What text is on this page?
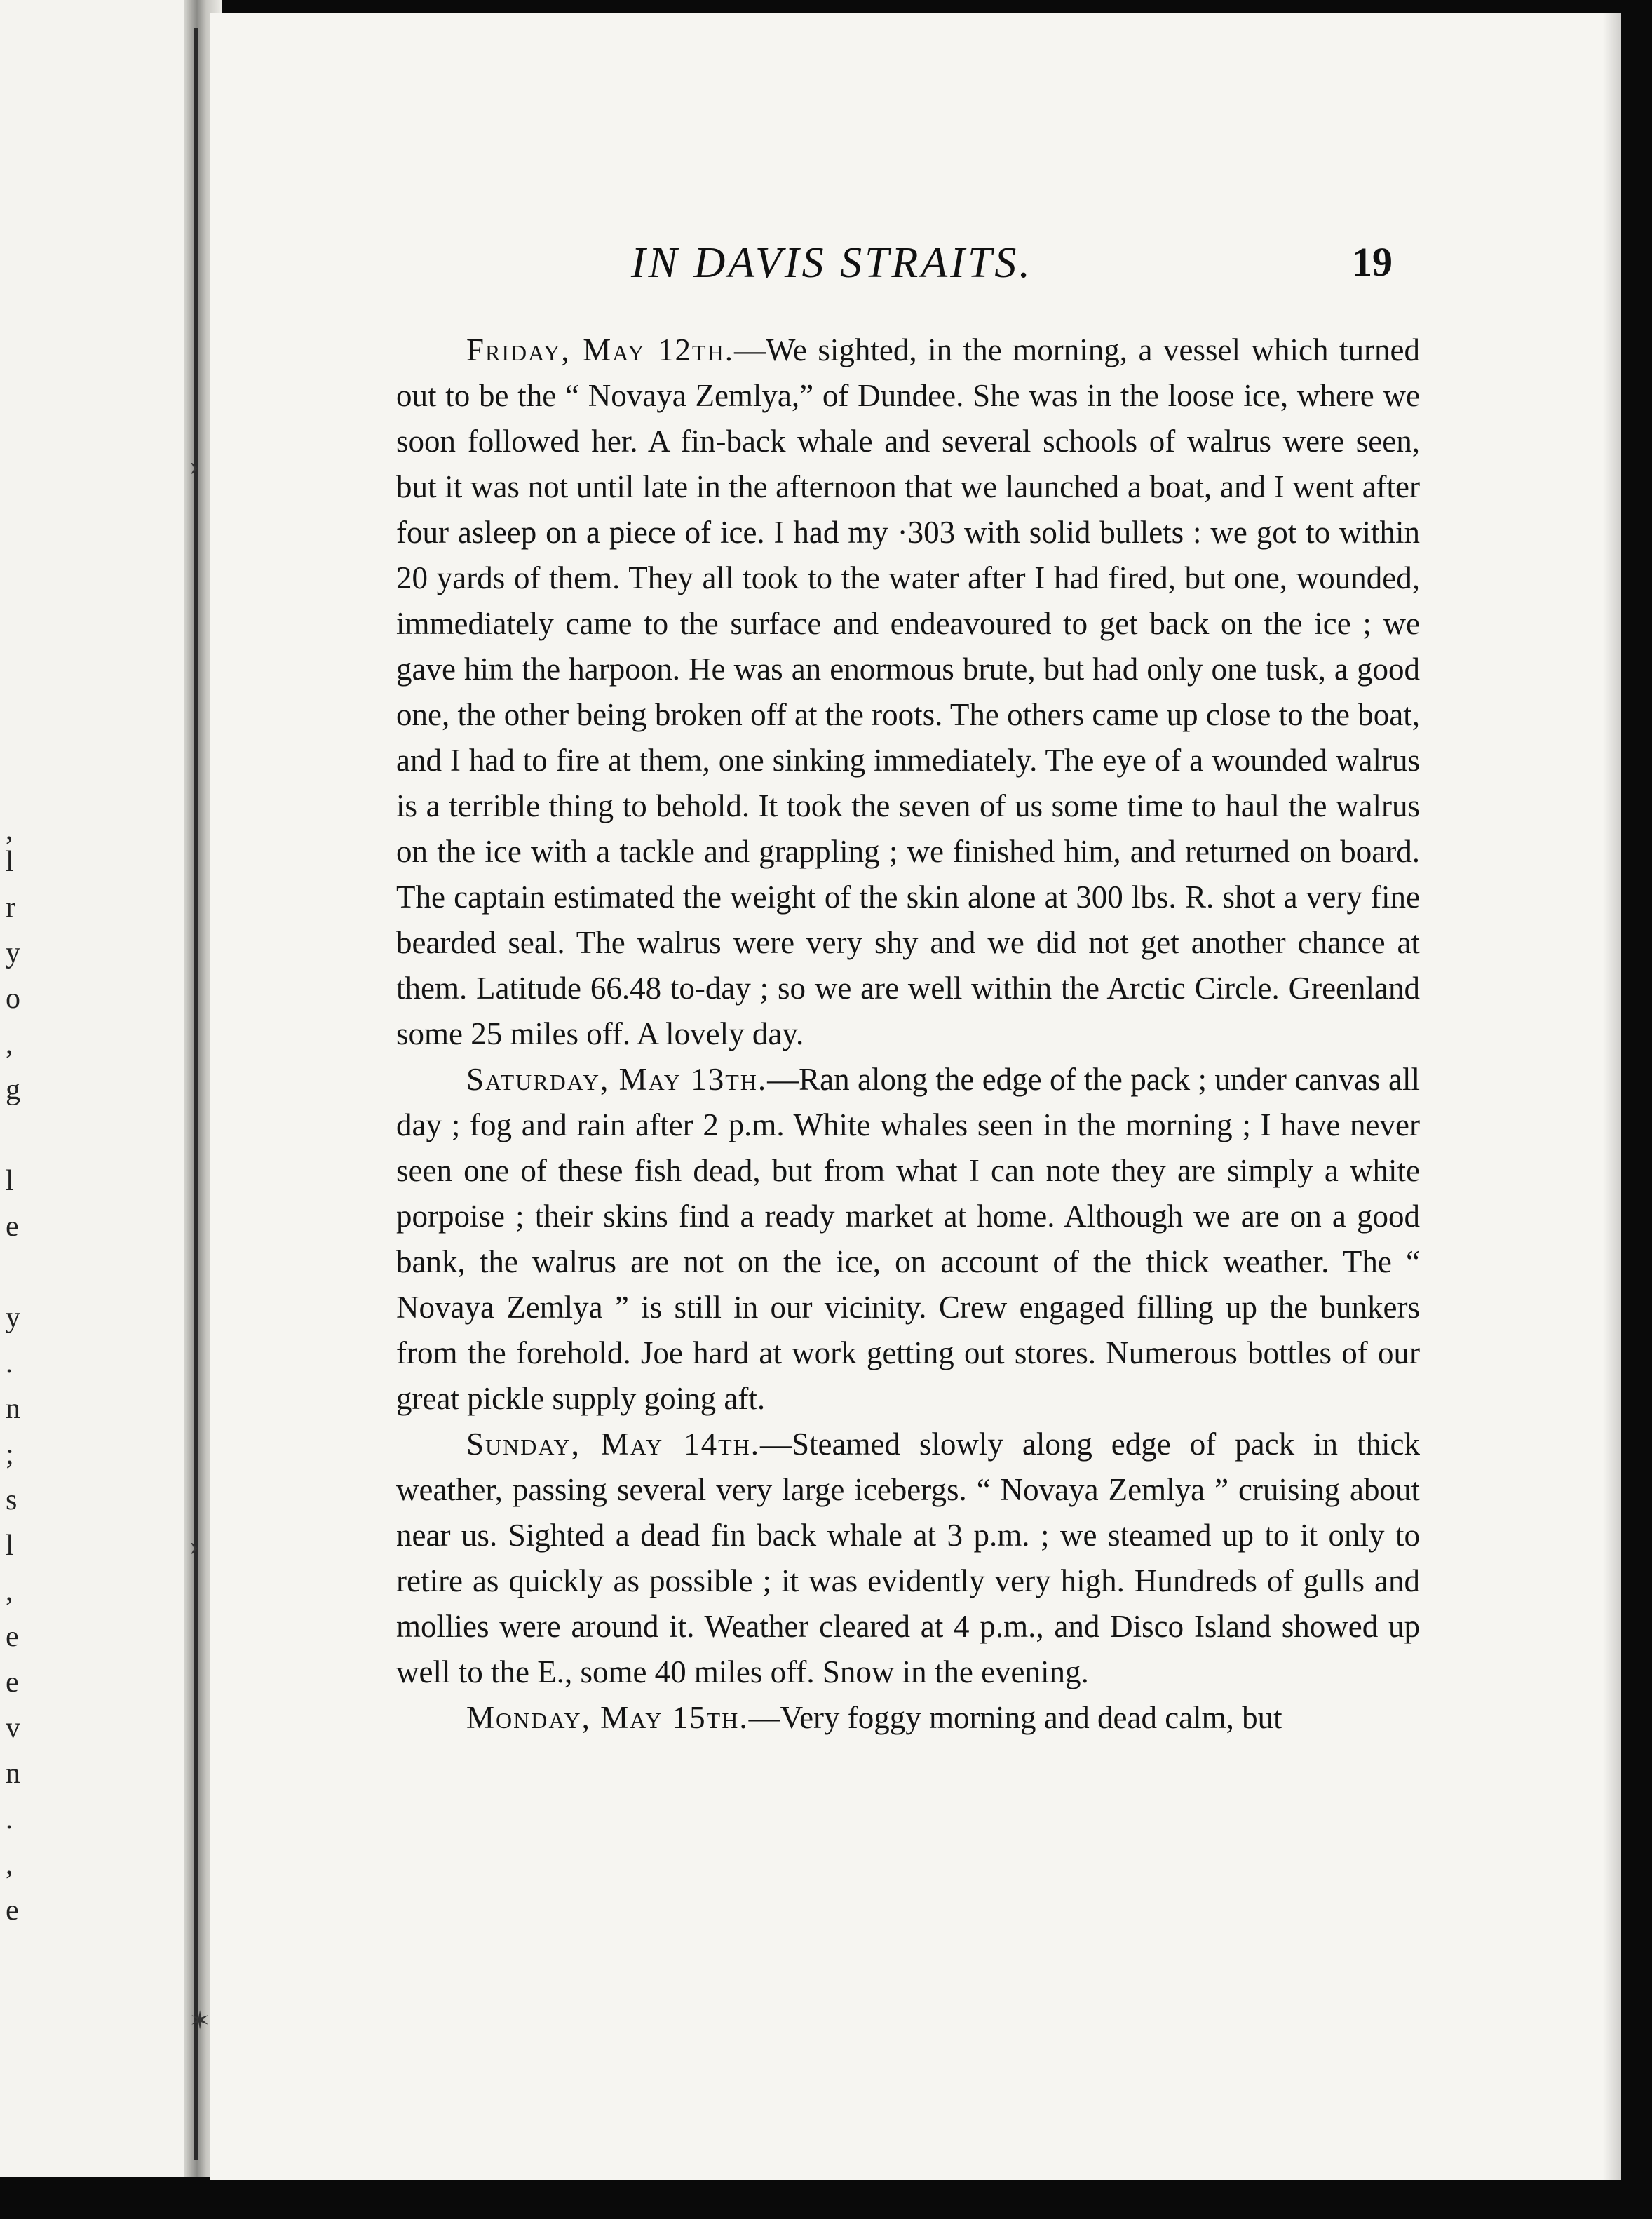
,
l
r
y
o
,
g
l
e
y
.
n
;
s
l
,
e
e
v
n
.
,
e
›
›
✶
IN DAVIS STRAITS.	19

Friday, May 12th.—We sighted, in the morning, a vessel which turned out to be the “ Novaya Zemlya,” of Dundee. She was in the loose ice, where we soon followed her. A fin-back whale and several schools of walrus were seen, but it was not until late in the afternoon that we launched a boat, and I went after four asleep on a piece of ice. I had my ·303 with solid bullets : we got to within 20 yards of them. They all took to the water after I had fired, but one, wounded, immediately came to the surface and endeavoured to get back on the ice ; we gave him the harpoon. He was an enormous brute, but had only one tusk, a good one, the other being broken off at the roots. The others came up close to the boat, and I had to fire at them, one sinking immediately. The eye of a wounded walrus is a terrible thing to behold. It took the seven of us some time to haul the walrus on the ice with a tackle and grappling ; we finished him, and returned on board. The captain estimated the weight of the skin alone at 300 lbs. R. shot a very fine bearded seal. The walrus were very shy and we did not get another chance at them. Latitude 66.48 to-day ; so we are well within the Arctic Circle. Greenland some 25 miles off. A lovely day.

Saturday, May 13th.—Ran along the edge of the pack ; under canvas all day ; fog and rain after 2 p.m. White whales seen in the morning ; I have never seen one of these fish dead, but from what I can note they are simply a white porpoise ; their skins find a ready market at home. Although we are on a good bank, the walrus are not on the ice, on account of the thick weather. The “ Novaya Zemlya ” is still in our vicinity. Crew engaged filling up the bunkers from the forehold. Joe hard at work getting out stores. Numerous bottles of our great pickle supply going aft.

Sunday, May 14th.—Steamed slowly along edge of pack in thick weather, passing several very large icebergs. “ Novaya Zemlya ” cruising about near us. Sighted a dead fin back whale at 3 p.m. ; we steamed up to it only to retire as quickly as possible ; it was evidently very high. Hundreds of gulls and mollies were around it. Weather cleared at 4 p.m., and Disco Island showed up well to the E., some 40 miles off. Snow in the evening.

Monday, May 15th.—Very foggy morning and dead calm, but
